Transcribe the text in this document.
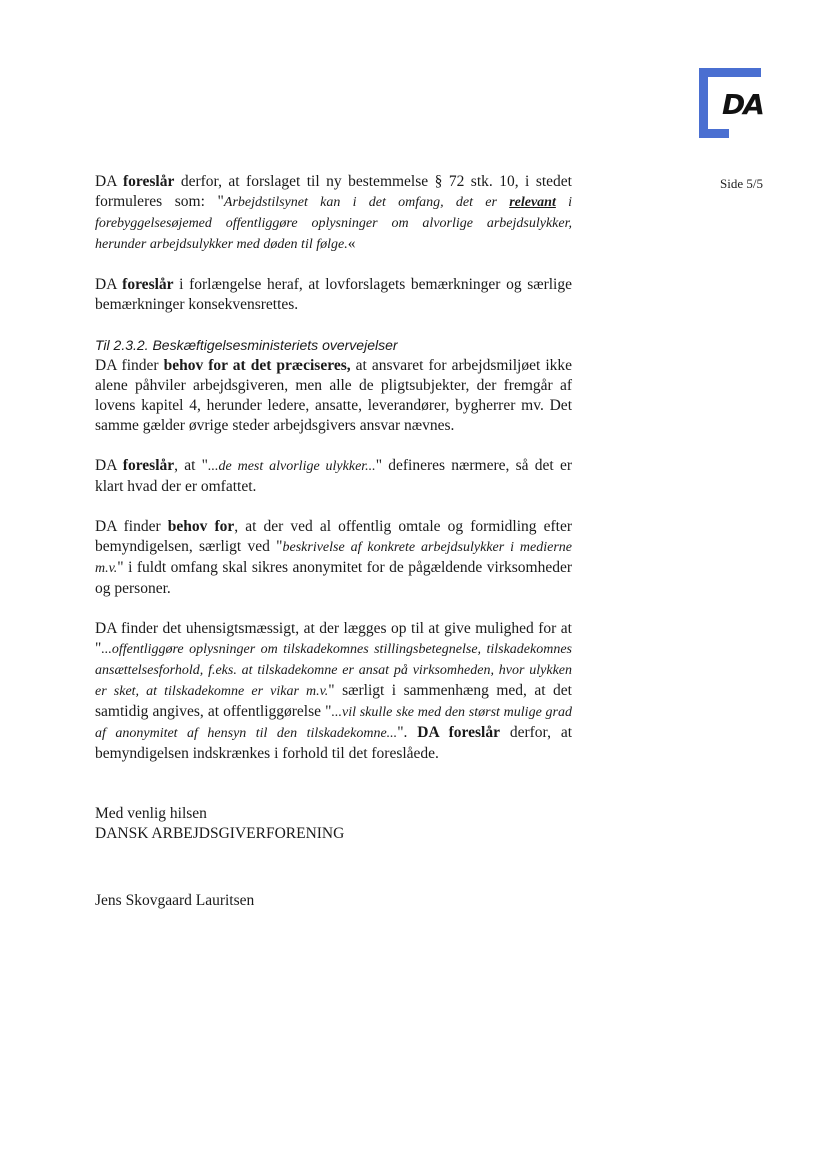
DA
Side 5/5

DA foreslår derfor, at forslaget til ny bestemmelse § 72 stk. 10, i stedet formuleres som: "Arbejdstilsynet kan i det omfang, det er relevant i forebyggelsesøjemed offentliggøre oplysninger om alvorlige arbejdsulykker, herunder arbejdsulykker med døden til følge.«

DA foreslår i forlængelse heraf, at lovforslagets bemærkninger og særlige bemærkninger konsekvensrettes.

Til 2.3.2. Beskæftigelsesministeriets overvejelser
DA finder behov for at det præciseres, at ansvaret for arbejdsmiljøet ikke alene påhviler arbejdsgiveren, men alle de pligtsubjekter, der fremgår af lovens kapitel 4, herunder ledere, ansatte, leverandører, bygherrer mv. Det samme gælder øvrige steder arbejdsgivers ansvar nævnes.

DA foreslår, at "...de mest alvorlige ulykker..." defineres nærmere, så det er klart hvad der er omfattet.

DA finder behov for, at der ved al offentlig omtale og formidling efter bemyndigelsen, særligt ved "beskrivelse af konkrete arbejdsulykker i medierne m.v." i fuldt omfang skal sikres anonymitet for de pågældende virksomheder og personer.

DA finder det uhensigtsmæssigt, at der lægges op til at give mulighed for at "...offentliggøre oplysninger om tilskadekomnes stillingsbetegnelse, tilskadekomnes ansættelsesforhold, f.eks. at tilskadekomne er ansat på virksomheden, hvor ulykken er sket, at tilskadekomne er vikar m.v." særligt i sammenhæng med, at det samtidig angives, at offentliggørelse "...vil skulle ske med den størst mulige grad af anonymitet af hensyn til den tilskadekomne...". DA foreslår derfor, at bemyndigelsen indskrænkes i forhold til det foreslåede.

Med venlig hilsen
DANSK ARBEJDSGIVERFORENING
Jens Skovgaard Lauritsen
